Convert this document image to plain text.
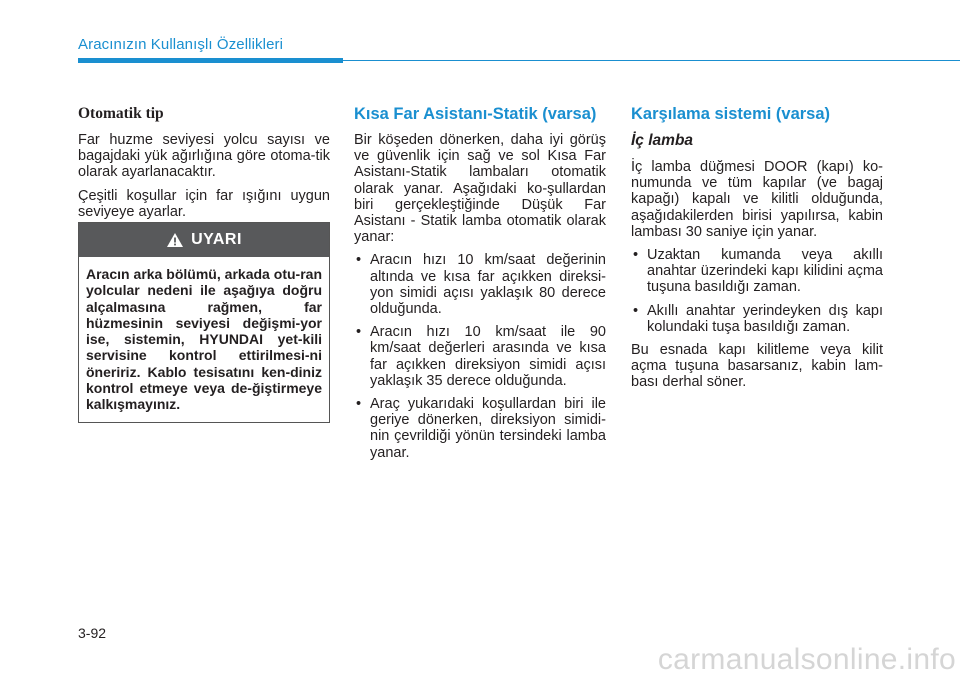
Aracınızın Kullanışlı Özellikleri
Otomatik tip

Far huzme seviyesi yolcu sayısı ve bagajdaki yük ağırlığına göre otoma-tik olarak ayarlanacaktır.

Çeşitli koşullar için far ışığını uygun seviyeye ayarlar.

UYARI
Aracın arka bölümü, arkada otu-ran yolcular nedeni ile aşağıya doğru alçalmasına rağmen, far hüzmesinin seviyesi değişmi-yor ise, sistemin, HYUNDAI yet-kili servisine kontrol ettirilmesi-ni öneririz. Kablo tesisatını ken-diniz kontrol etmeye veya de-ğiştirmeye kalkışmayınız.
Kısa Far Asistanı-Statik (varsa)

Bir köşeden dönerken, daha iyi görüş ve güvenlik için sağ ve sol Kısa Far Asistanı-Statik lambaları otomatik olarak yanar. Aşağıdaki ko-şullardan biri gerçekleştiğinde Düşük Far Asistanı - Statik lamba otomatik olarak yanar:

• Aracın hızı 10 km/saat değerinin altında ve kısa far açıkken direksi-yon simidi açısı yaklaşık 80 derece olduğunda.
• Aracın hızı 10 km/saat ile 90 km/saat değerleri arasında ve kısa far açıkken direksiyon simidi açısı yaklaşık 35 derece olduğunda.
• Araç yukarıdaki koşullardan biri ile geriye dönerken, direksiyon simidi-nin çevrildiği yönün tersindeki lamba yanar.
Karşılama sistemi (varsa)
İç lamba

İç lamba düğmesi DOOR (kapı) ko-numunda ve tüm kapılar (ve bagaj kapağı) kapalı ve kilitli olduğunda, aşağıdakilerden birisi yapılırsa, kabin lambası 30 saniye için yanar.

• Uzaktan kumanda veya akıllı anahtar üzerindeki kapı kilidini açma tuşuna basıldığı zaman.
• Akıllı anahtar yerindeyken dış kapı kolundaki tuşa basıldığı zaman.

Bu esnada kapı kilitleme veya kilit açma tuşuna basarsanız, kabin lam-bası derhal söner.

3-92
carmanualsonline.info
